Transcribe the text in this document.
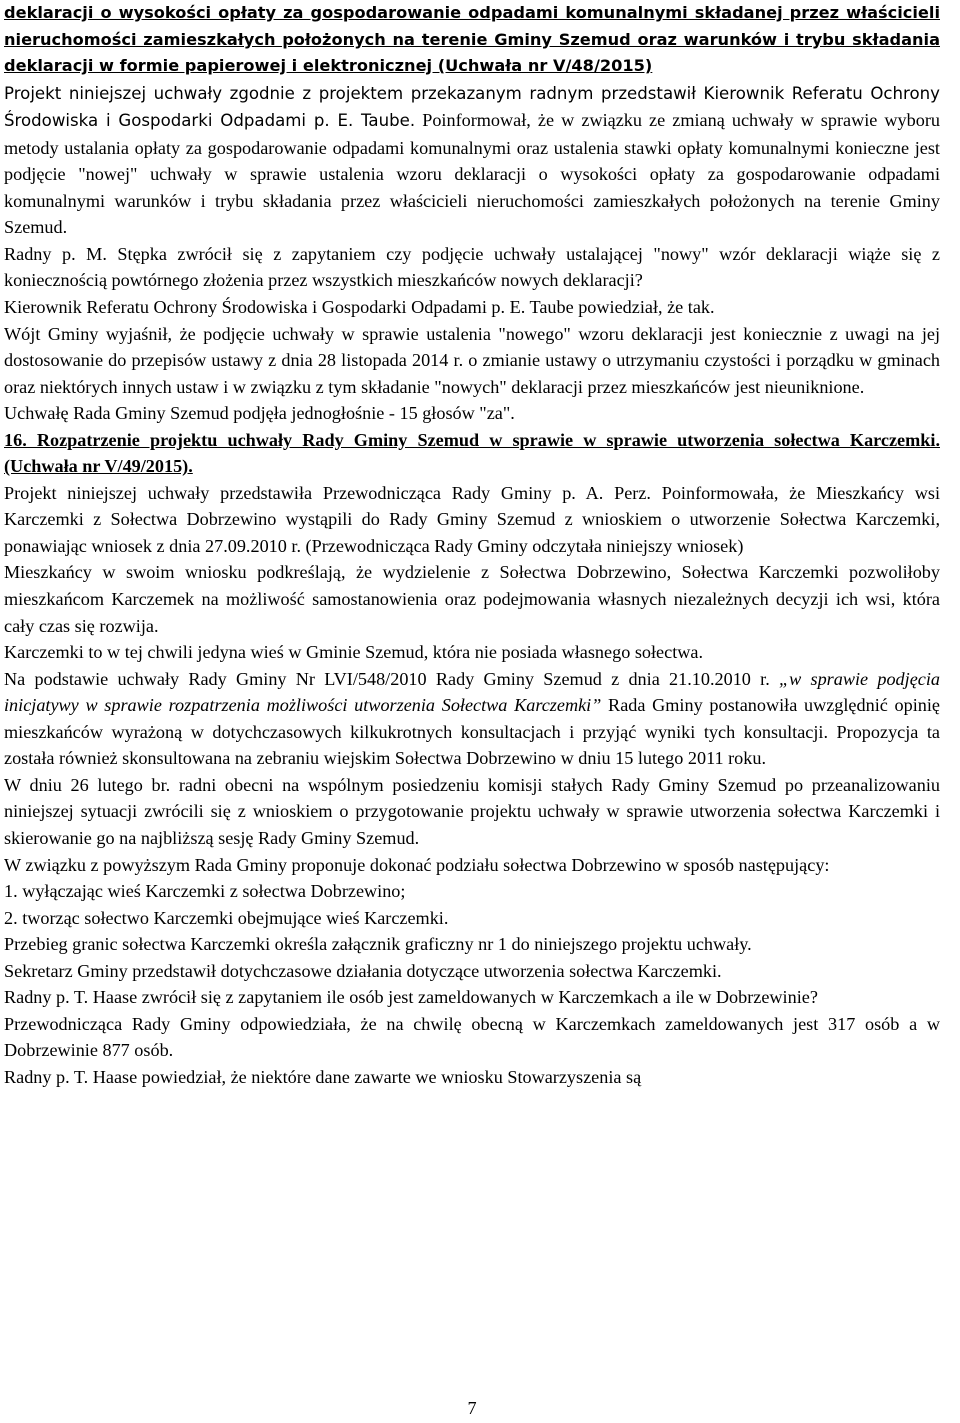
deklaracji o wysokości opłaty za gospodarowanie odpadami komunalnymi składanej przez właścicieli nieruchomości zamieszkałych położonych na terenie Gminy Szemud oraz warunków i trybu składania deklaracji w formie papierowej i elektronicznej (Uchwała nr V/48/2015)

Projekt niniejszej uchwały zgodnie z projektem przekazanym radnym przedstawił Kierownik Referatu Ochrony Środowiska i Gospodarki Odpadami p. E. Taube. Poinformował, że w związku ze zmianą uchwały w sprawie wyboru metody ustalania opłaty za gospodarowanie odpadami komunalnymi oraz ustalenia stawki opłaty komunalnymi konieczne jest podjęcie "nowej" uchwały w sprawie ustalenia wzoru deklaracji o wysokości opłaty za gospodarowanie odpadami komunalnymi warunków i trybu składania przez właścicieli nieruchomości zamieszkałych położonych na terenie Gminy Szemud.

Radny p. M. Stępka zwrócił się z zapytaniem czy podjęcie uchwały ustalającej "nowy" wzór deklaracji wiąże się z koniecznością powtórnego złożenia przez wszystkich mieszkańców nowych deklaracji?

Kierownik Referatu Ochrony Środowiska i Gospodarki Odpadami p. E. Taube powiedział, że tak.

Wójt Gminy wyjaśnił, że podjęcie uchwały w sprawie ustalenia "nowego" wzoru deklaracji jest koniecznie z uwagi na jej dostosowanie do przepisów ustawy z dnia 28 listopada 2014 r. o zmianie ustawy o utrzymaniu czystości i porządku w gminach oraz niektórych innych ustaw i w związku z tym składanie "nowych" deklaracji przez mieszkańców jest nieuniknione.

Uchwałę Rada Gminy Szemud podjęła jednogłośnie - 15 głosów "za".

16. Rozpatrzenie projektu uchwały Rady Gminy Szemud w sprawie w sprawie utworzenia sołectwa Karczemki. (Uchwała nr V/49/2015).

Projekt niniejszej uchwały przedstawiła Przewodnicząca Rady Gminy p. A. Perz. Poinformowała, że Mieszkańcy wsi Karczemki z Sołectwa Dobrzewino wystąpili do Rady Gminy Szemud z wnioskiem o utworzenie Sołectwa Karczemki, ponawiając wniosek z dnia 27.09.2010 r. (Przewodnicząca Rady Gminy odczytała niniejszy wniosek)

Mieszkańcy w swoim wniosku podkreślają, że wydzielenie z Sołectwa Dobrzewino, Sołectwa Karczemki pozwoliłoby mieszkańcom Karczemek na możliwość samostanowienia oraz podejmowania własnych niezależnych decyzji ich wsi, która cały czas się rozwija.

Karczemki to w tej chwili jedyna wieś w Gminie Szemud, która nie posiada własnego sołectwa.

Na podstawie uchwały Rady Gminy Nr LVI/548/2010 Rady Gminy Szemud z dnia 21.10.2010 r. „w sprawie podjęcia inicjatywy w sprawie rozpatrzenia możliwości utworzenia Sołectwa Karczemki” Rada Gminy postanowiła uwzględnić opinię mieszkańców wyrażoną w dotychczasowych kilkukrotnych konsultacjach i przyjąć wyniki tych konsultacji. Propozycja ta została również skonsultowana na zebraniu wiejskim Sołectwa Dobrzewino w dniu 15 lutego 2011 roku.

W dniu 26 lutego br. radni obecni na wspólnym posiedzeniu komisji stałych Rady Gminy Szemud po przeanalizowaniu niniejszej sytuacji zwrócili się z wnioskiem o przygotowanie projektu uchwały w sprawie utworzenia sołectwa Karczemki i skierowanie go na najbliższą sesję Rady Gminy Szemud.

W związku z powyższym Rada Gminy proponuje dokonać podziału sołectwa Dobrzewino w sposób następujący:

1. wyłączając wieś Karczemki z sołectwa Dobrzewino;

2. tworząc sołectwo Karczemki obejmujące wieś Karczemki.

Przebieg granic sołectwa Karczemki określa załącznik graficzny nr 1 do niniejszego projektu uchwały.

Sekretarz Gminy przedstawił dotychczasowe działania dotyczące utworzenia sołectwa Karczemki.

Radny p. T. Haase zwrócił się z zapytaniem ile osób jest zameldowanych w Karczemkach a ile w Dobrzewinie?

Przewodnicząca Rady Gminy odpowiedziała, że na chwilę obecną w Karczemkach zameldowanych jest 317 osób a w Dobrzewinie 877 osób.

Radny p. T. Haase powiedział, że niektóre dane zawarte we wniosku Stowarzyszenia są

7
